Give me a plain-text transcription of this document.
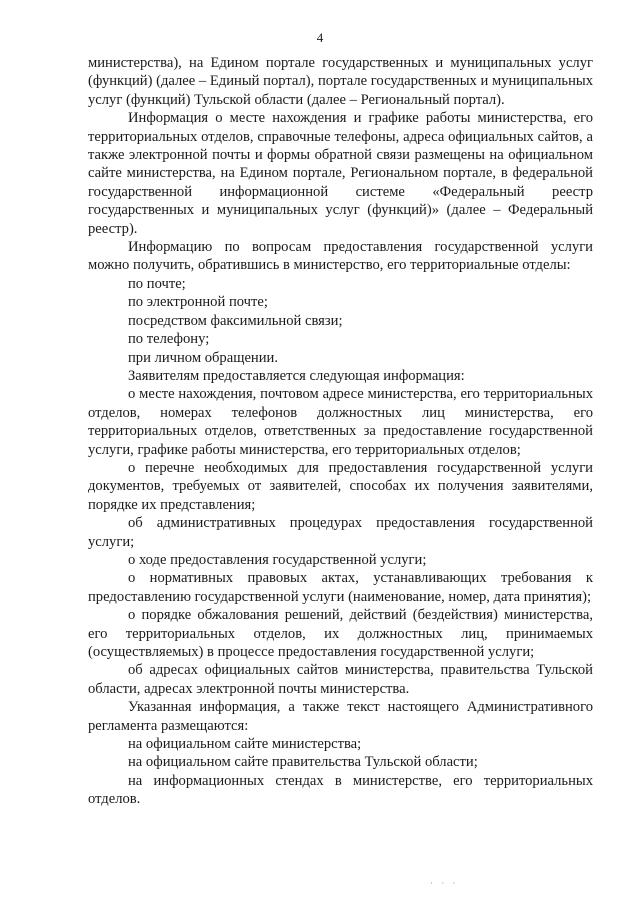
4

министерства), на Едином портале государственных и муниципальных услуг (функций) (далее – Единый портал), портале государственных и муниципальных услуг (функций) Тульской области (далее – Региональный портал).

Информация о месте нахождения и графике работы министерства, его территориальных отделов, справочные телефоны, адреса официальных сайтов, а также электронной почты и формы обратной связи размещены на официальном сайте министерства, на Едином портале, Региональном портале, в федеральной государственной информационной системе «Федеральный реестр государственных и муниципальных услуг (функций)» (далее – Федеральный реестр).

Информацию по вопросам предоставления государственной услуги можно получить, обратившись в министерство, его территориальные отделы:

по почте;

по электронной почте;

посредством факсимильной связи;

по телефону;

при личном обращении.

Заявителям предоставляется следующая информация:

о месте нахождения, почтовом адресе министерства, его территориальных отделов, номерах телефонов должностных лиц министерства, его территориальных отделов, ответственных за предоставление государственной услуги, графике работы министерства, его территориальных отделов;

о перечне необходимых для предоставления государственной услуги документов, требуемых от заявителей, способах их получения заявителями, порядке их представления;

об административных процедурах предоставления государственной услуги;

о ходе предоставления государственной услуги;

о нормативных правовых актах, устанавливающих требования к предоставлению государственной услуги (наименование, номер, дата принятия);

о порядке обжалования решений, действий (бездействия) министерства, его территориальных отделов, их должностных лиц, принимаемых (осуществляемых) в процессе предоставления государственной услуги;

об адресах официальных сайтов министерства, правительства Тульской области, адресах электронной почты министерства.

Указанная информация, а также текст настоящего Административного регламента размещаются:

на официальном сайте министерства;

на официальном сайте правительства Тульской области;

на информационных стендах в министерстве, его территориальных отделов.

· · ·
